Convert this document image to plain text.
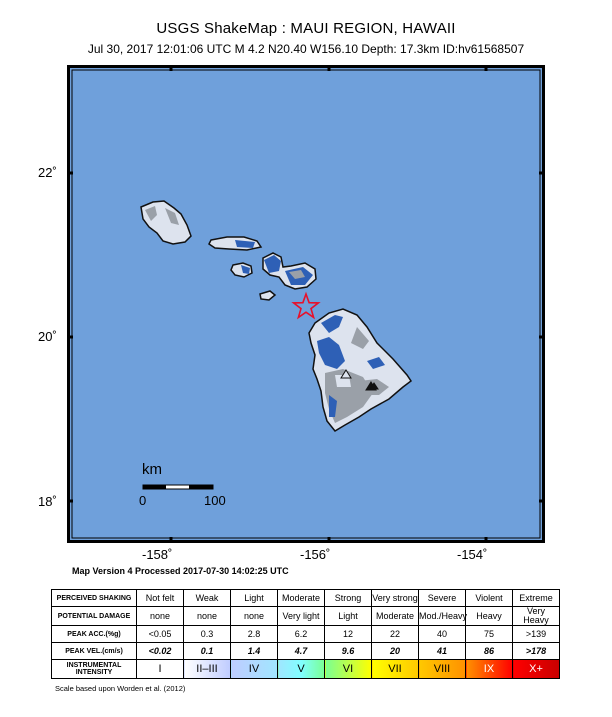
USGS ShakeMap : MAUI REGION, HAWAII
Jul 30, 2017 12:01:06 UTC M 4.2 N20.40 W156.10 Depth: 17.3km ID:hv61568507
km
0	100
22˚
20˚
18˚
-158˚	-156˚	-154˚
Map Version 4 Processed 2017-07-30 14:02:25 UTC
PERCEIVED SHAKING	Not felt	Weak	Light	Moderate	Strong	Very strong	Severe	Violent	Extreme
POTENTIAL DAMAGE	none	none	none	Very light	Light	Moderate	Mod./Heavy	Heavy	Very Heavy
PEAK ACC.(%g)	<0.05	0.3	2.8	6.2	12	22	40	75	>139
PEAK VEL.(cm/s)	<0.02	0.1	1.4	4.7	9.6	20	41	86	>178
INSTRUMENTAL INTENSITY	I	II–III	IV	V	VI	VII	VIII	IX	X+
Scale based upon Worden et al. (2012)
